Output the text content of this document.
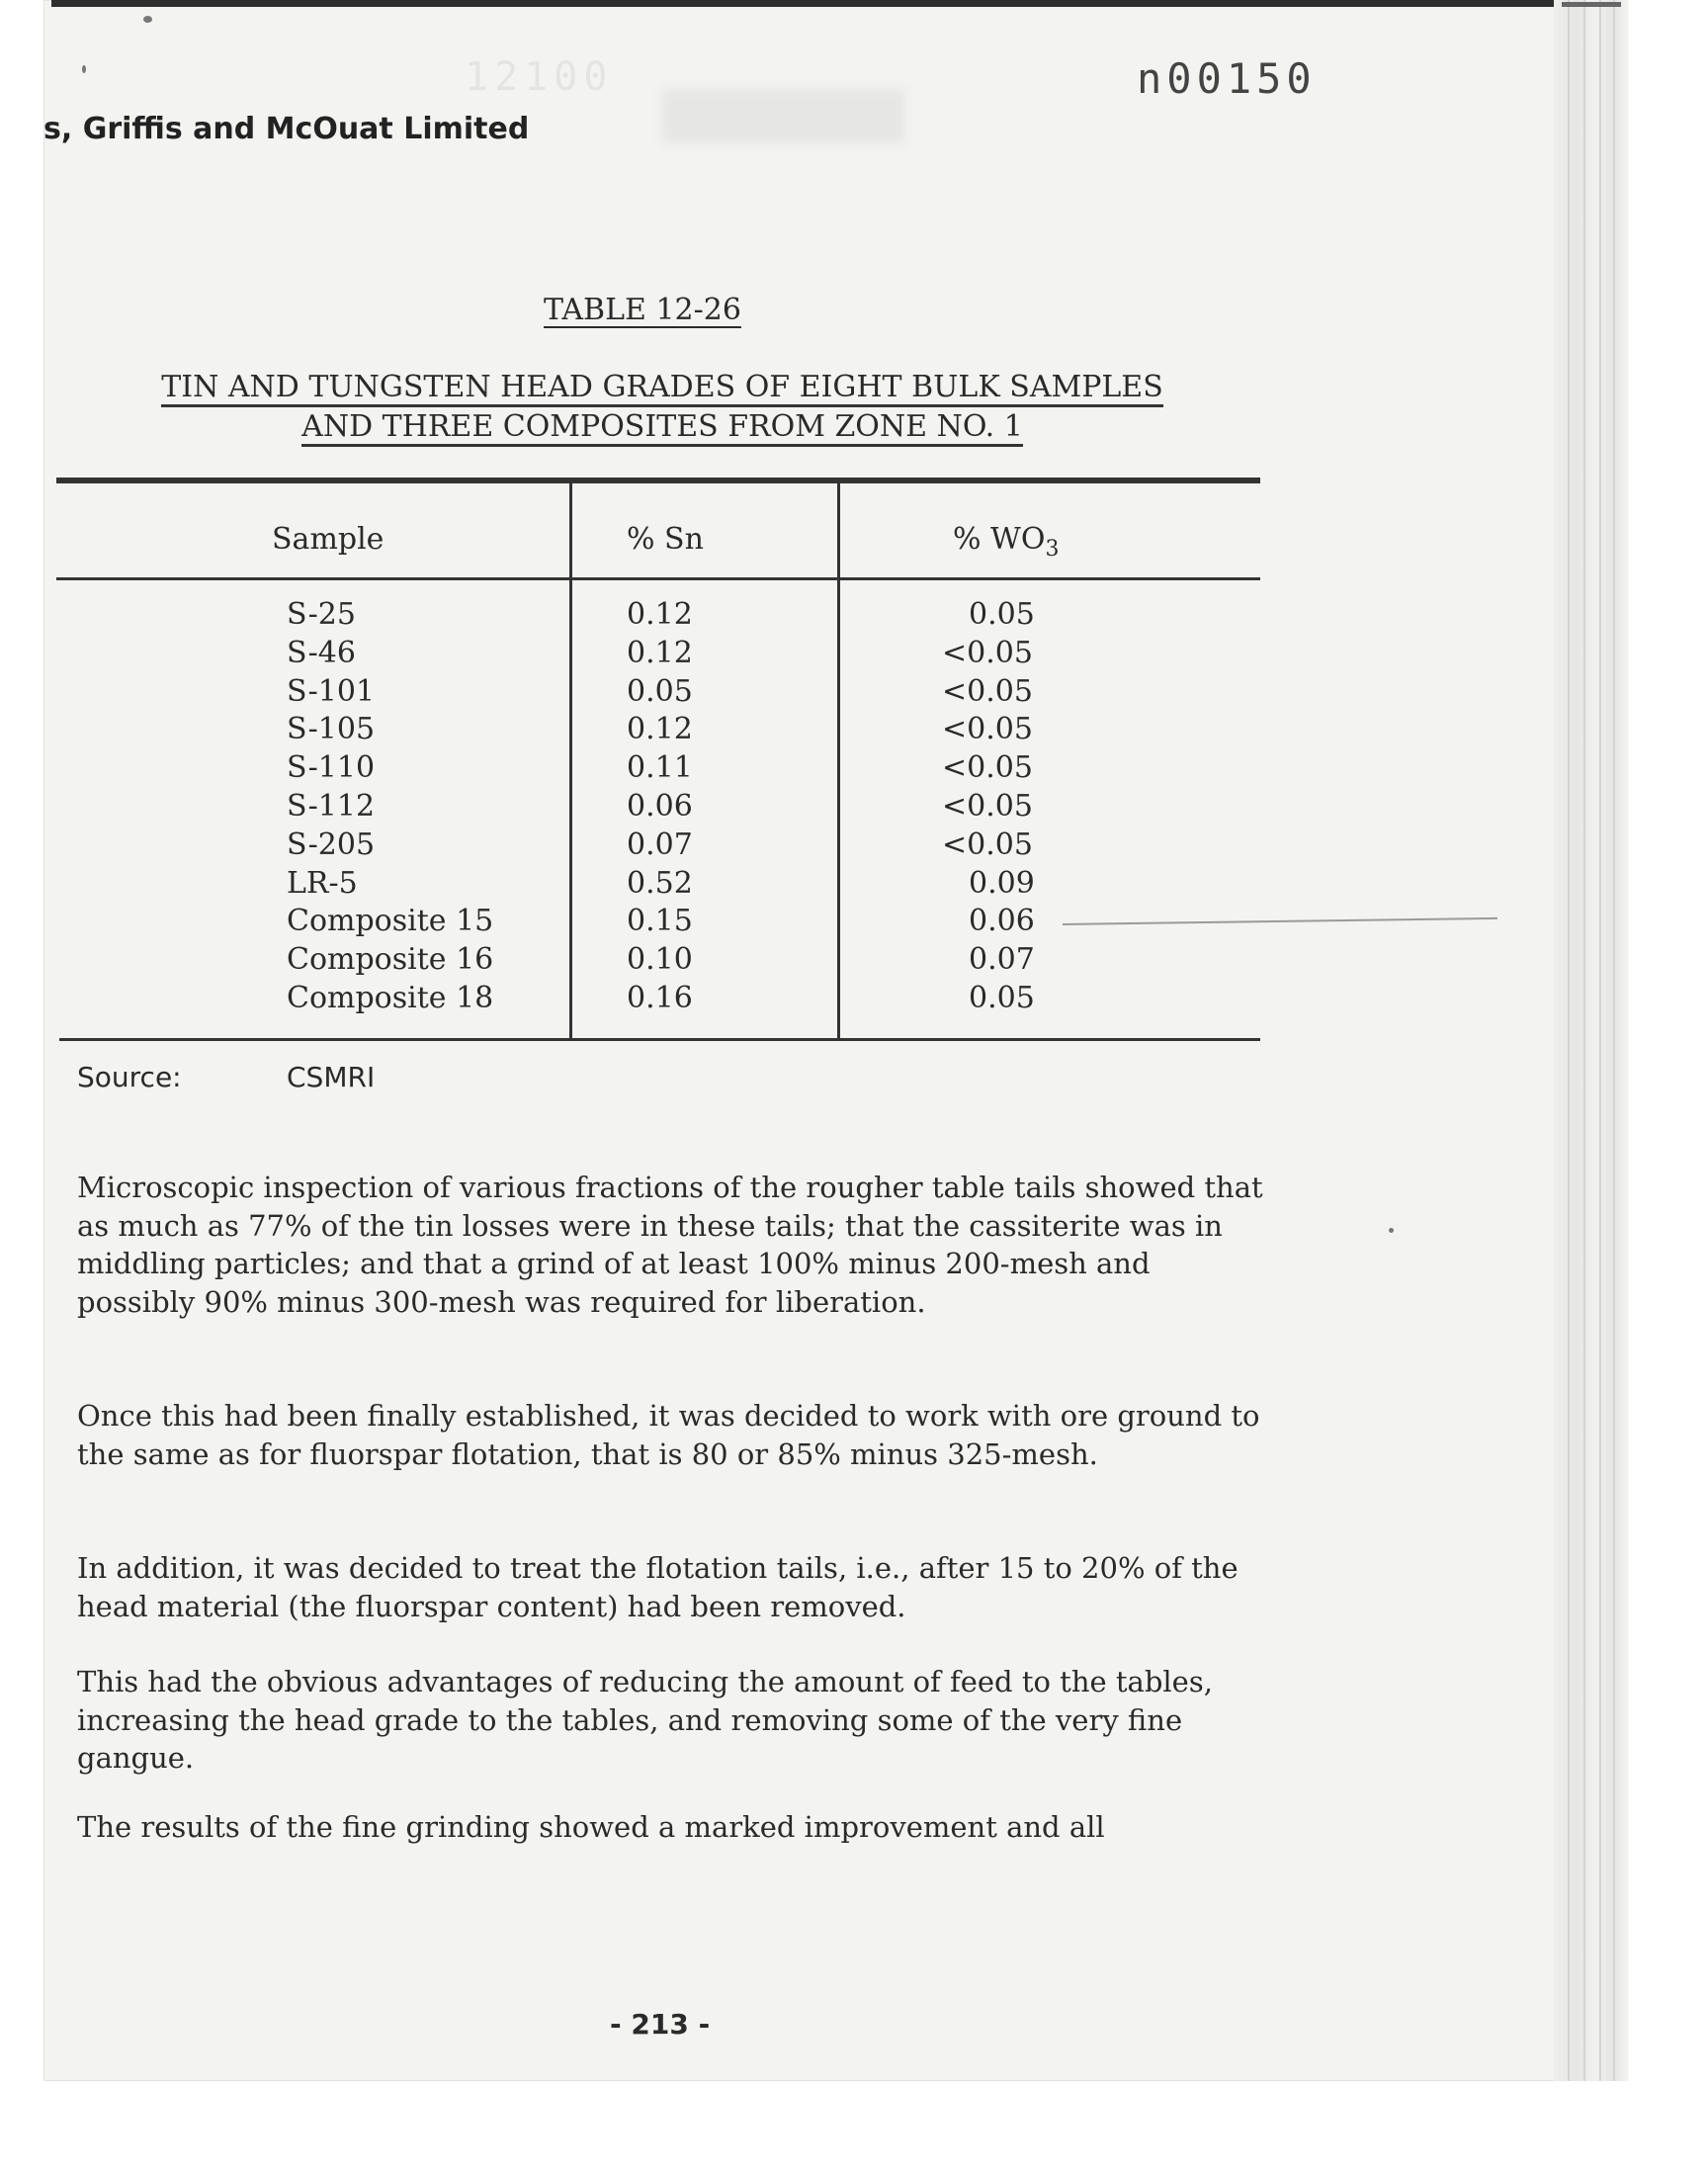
12100
s, Griffis and McOuat Limited
n00150
TABLE 12-26
TIN AND TUNGSTEN HEAD GRADES OF EIGHT BULK SAMPLES
AND THREE COMPOSITES FROM ZONE NO. 1
Sample	% Sn	% $WO_3$
S-25	0.12	0.05
S-46	0.12	<0.05
S-101	0.05	<0.05
S-105	0.12	<0.05
S-110	0.11	<0.05
S-112	0.06	<0.05
S-205	0.07	<0.05
LR-5	0.52	0.09
Composite 15	0.15	0.06
Composite 16	0.10	0.07
Composite 18	0.16	0.05
Source:	CSMRI

Microscopic inspection of various fractions of the rougher table tails showed that as much as 77% of the tin losses were in these tails; that the cassiterite was in middling particles; and that a grind of at least 100% minus 200-mesh and possibly 90% minus 300-mesh was required for liberation.

Once this had been finally established, it was decided to work with ore ground to the same as for fluorspar flotation, that is 80 or 85% minus 325-mesh.

In addition, it was decided to treat the flotation tails, i.e., after 15 to 20% of the head material (the fluorspar content) had been removed.

This had the obvious advantages of reducing the amount of feed to the tables, increasing the head grade to the tables, and removing some of the very fine gangue.

The results of the fine grinding showed a marked improvement and all

- 213 -
